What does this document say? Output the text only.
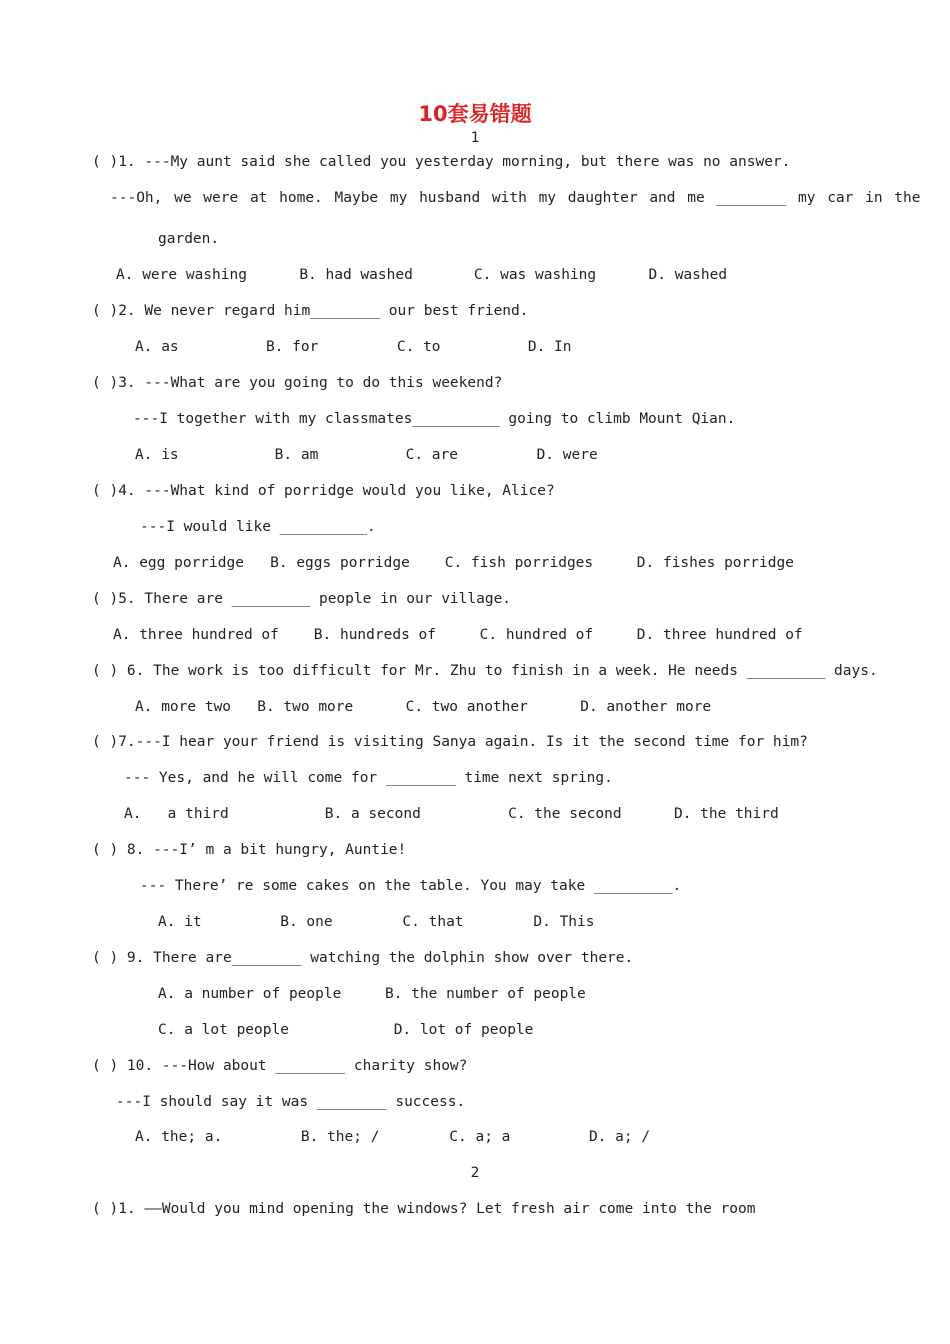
10套易错题
1
( )1. ---My aunt said she called you yesterday morning, but there was no answer.
---Oh, we were at home. Maybe my husband with my daughter and me ________ my car in the
garden.
A. were washing      B. had washed       C. was washing      D. washed
( )2. We never regard him________ our best friend.
A. as          B. for         C. to          D. In
( )3. ---What are you going to do this weekend?
---I together with my classmates__________ going to climb Mount Qian.
A. is           B. am          C. are         D. were
( )4. ---What kind of porridge would you like, Alice?
---I would like __________.
A. egg porridge   B. eggs porridge    C. fish porridges     D. fishes porridge
( )5. There are _________ people in our village.
A. three hundred of    B. hundreds of     C. hundred of     D. three hundred of
( ) 6. The work is too difficult for Mr. Zhu to finish in a week. He needs _________ days.
A. more two   B. two more      C. two another      D. another more
( )7.---I hear your friend is visiting Sanya again. Is it the second time for him?
--- Yes, and he will come for ________ time next spring.
A.   a third           B. a second          C. the second      D. the third
( ) 8. ---I’ m a bit hungry, Auntie!
--- There’ re some cakes on the table. You may take _________.
A. it         B. one        C. that        D. This
( ) 9. There are________ watching the dolphin show over there.
A. a number of people     B. the number of people
C. a lot people            D. lot of people
( ) 10. ---How about ________ charity show?
---I should say it was ________ success.
A. the; a.         B. the; /        C. a; a         D. a; /
2
( )1. ——Would you mind opening the windows? Let fresh air come into the room
